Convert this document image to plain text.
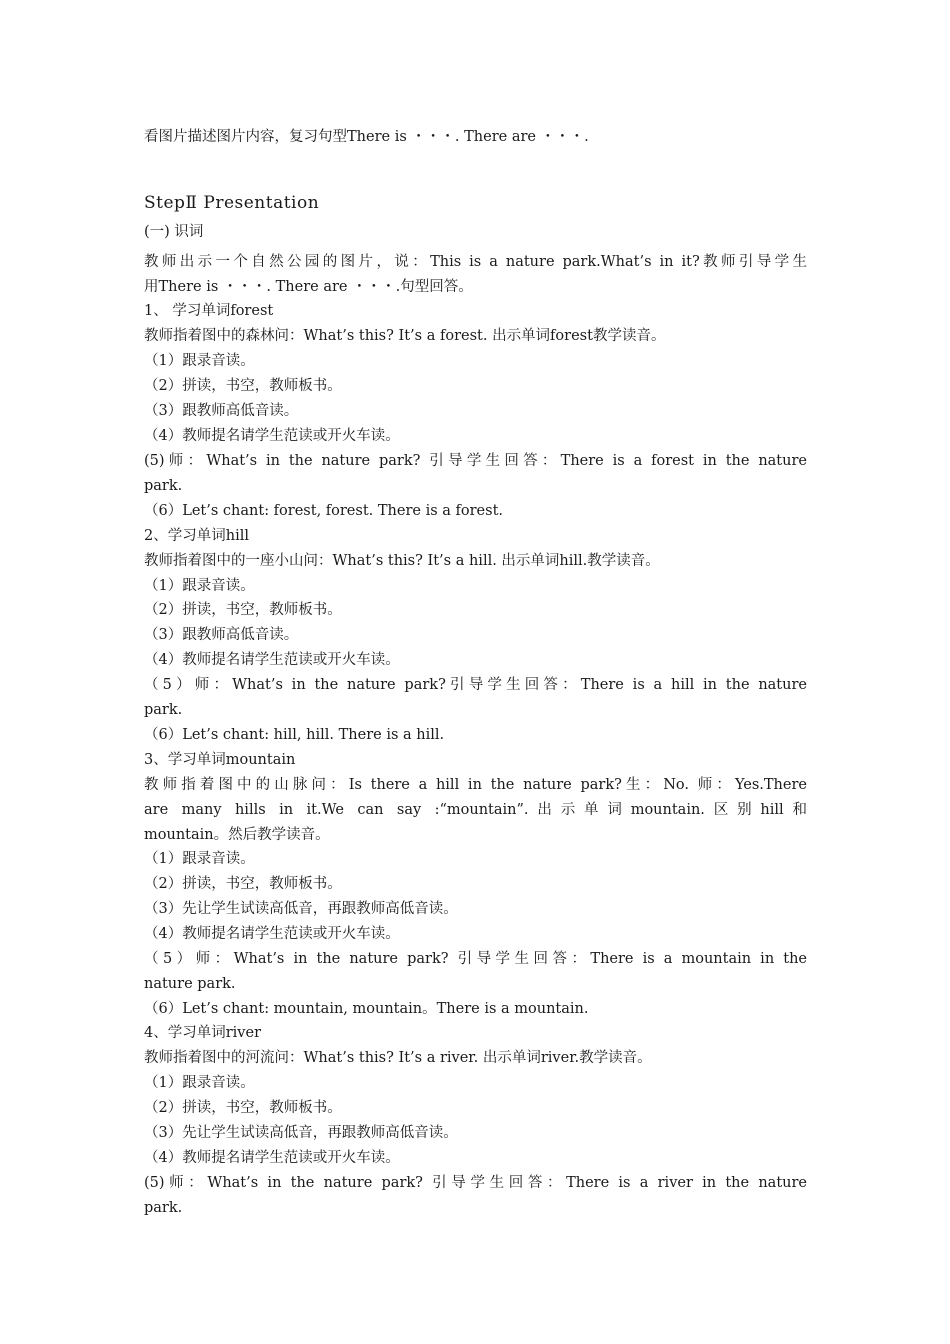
看图片描述图片内容，复习句型There is ・・・. There are ・・・.
StepⅡ Presentation
(一) 识词
教师出示一个自然公园的图片，说：This is a nature park.What’s in it?教师引导学生
用There is ・・・. There are ・・・.句型回答。
1、 学习单词forest
教师指着图中的森林问：What’s this? It’s a forest. 出示单词forest教学读音。
（1）跟录音读。
（2）拼读，书空，教师板书。
（3）跟教师高低音读。
（4）教师提名请学生范读或开火车读。
(5)师：What’s in the nature park? 引导学生回答：There is a forest in the nature
park.
（6）Let’s chant: forest, forest. There is a forest.
2、学习单词hill
教师指着图中的一座小山问：What’s this? It’s a hill. 出示单词hill.教学读音。
（1）跟录音读。
（2）拼读，书空，教师板书。
（3）跟教师高低音读。
（4）教师提名请学生范读或开火车读。
（5）师：What’s in the nature park?引导学生回答：There is a hill in the nature
park.
（6）Let’s chant: hill, hill. There is a hill.
3、学习单词mountain
教师指着图中的山脉问：Is there a hill in the nature park?生：No. 师：Yes.There
are many hills in it.We can say :“mountain”.出示单词mountain.区别hill和
mountain。然后教学读音。
（1）跟录音读。
（2）拼读，书空，教师板书。
（3）先让学生试读高低音，再跟教师高低音读。
（4）教师提名请学生范读或开火车读。
（5）师：What’s in the nature park? 引导学生回答：There is a mountain in the
nature park.
（6）Let’s chant: mountain, mountain。There is a mountain.
4、学习单词river
教师指着图中的河流问：What’s this? It’s a river. 出示单词river.教学读音。
（1）跟录音读。
（2）拼读，书空，教师板书。
（3）先让学生试读高低音，再跟教师高低音读。
（4）教师提名请学生范读或开火车读。
(5)师：What’s in the nature park? 引导学生回答：There is a river in the nature
park.
